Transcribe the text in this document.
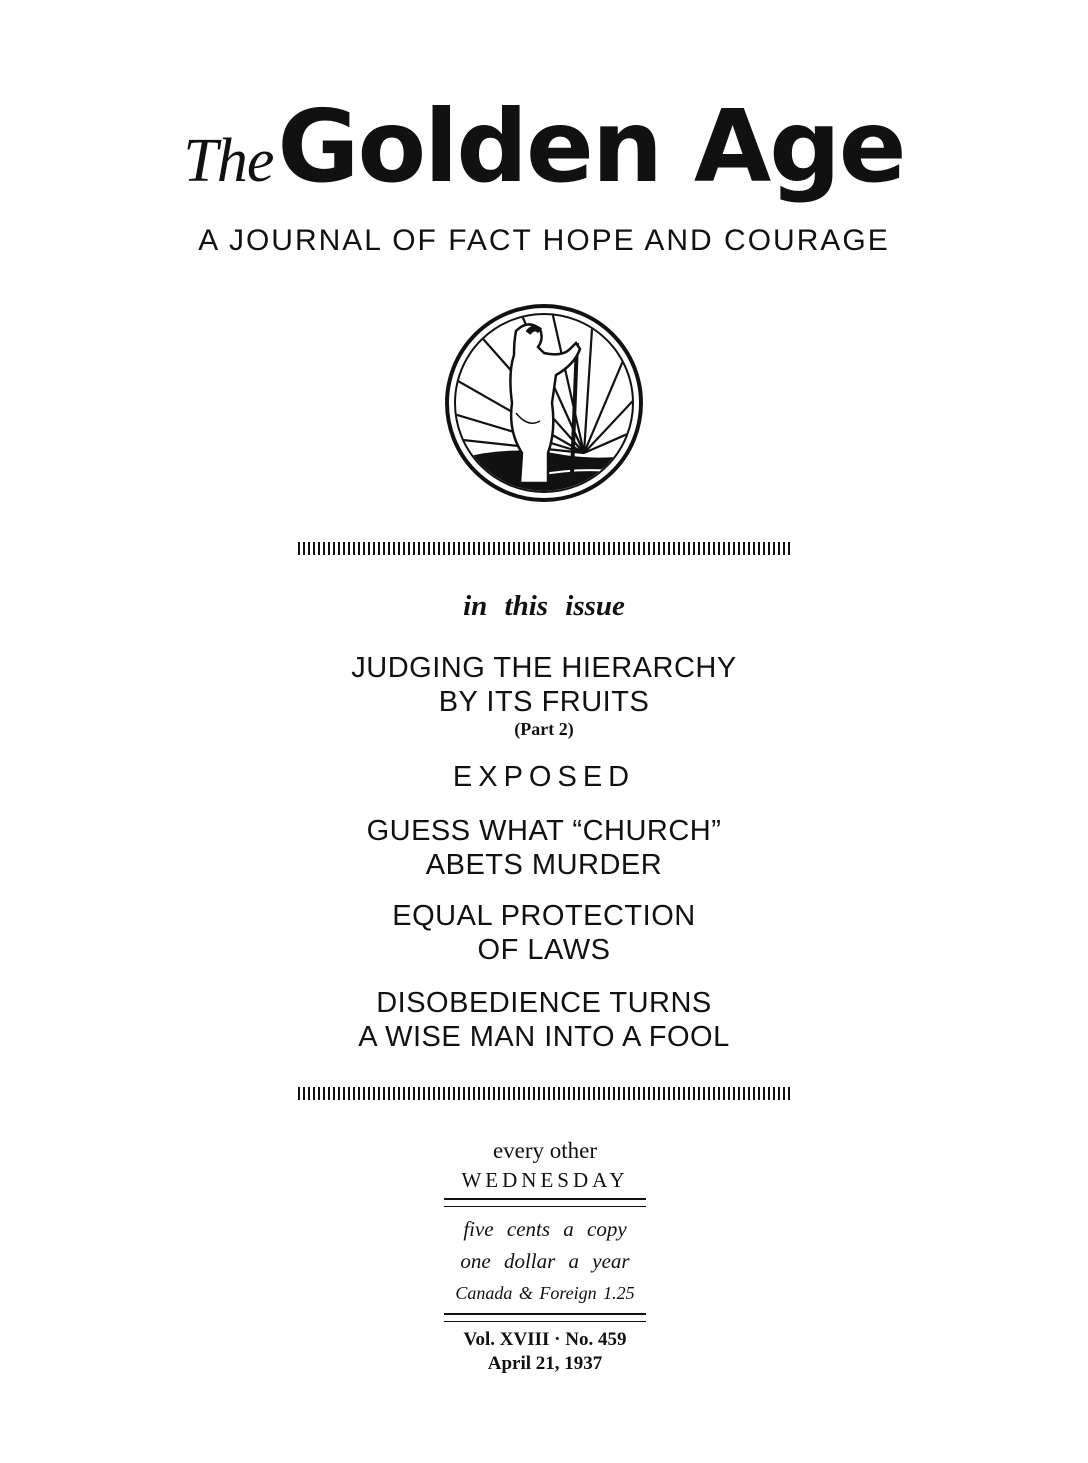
The Golden Age
A JOURNAL OF FACT HOPE AND COURAGE
in this issue
JUDGING THE HIERARCHY
BY ITS FRUITS
(Part 2)
EXPOSED
GUESS WHAT “CHURCH”
ABETS MURDER
EQUAL PROTECTION
OF LAWS
DISOBEDIENCE TURNS
A WISE MAN INTO A FOOL
every other
WEDNESDAY
five cents a copy
one dollar a year
Canada & Foreign 1.25
Vol. XVIII · No. 459
April 21, 1937
